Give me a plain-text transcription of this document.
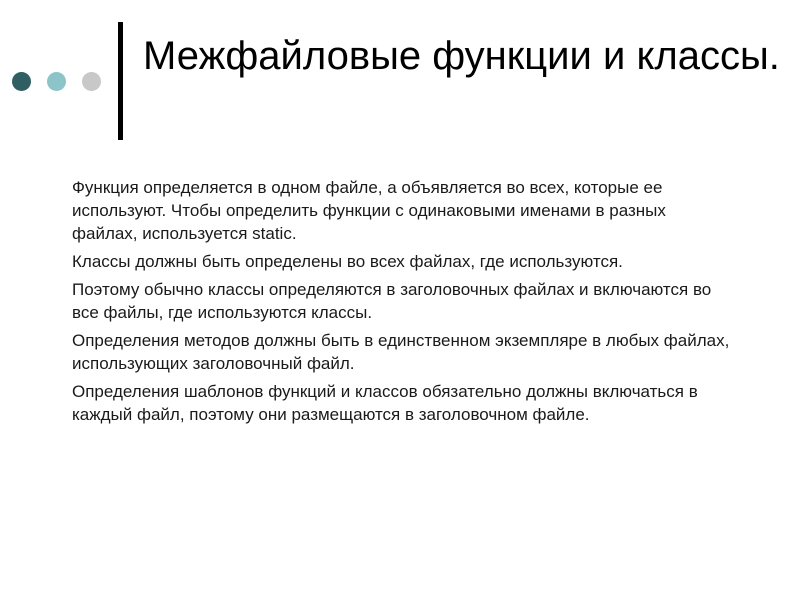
Межфайловые функции и классы.
Функция определяется в одном файле, а объявляется во всех, которые ее используют. Чтобы определить функции с одинаковыми именами в разных файлах, используется static.
Классы должны быть определены во всех файлах, где используются.
Поэтому обычно классы определяются в заголовочных файлах и включаются во все файлы, где используются классы.
Определения методов должны быть в единственном экземпляре в любых файлах, использующих заголовочный файл.
Определения шаблонов функций и классов обязательно должны включаться в каждый файл, поэтому они размещаются в заголовочном файле.
